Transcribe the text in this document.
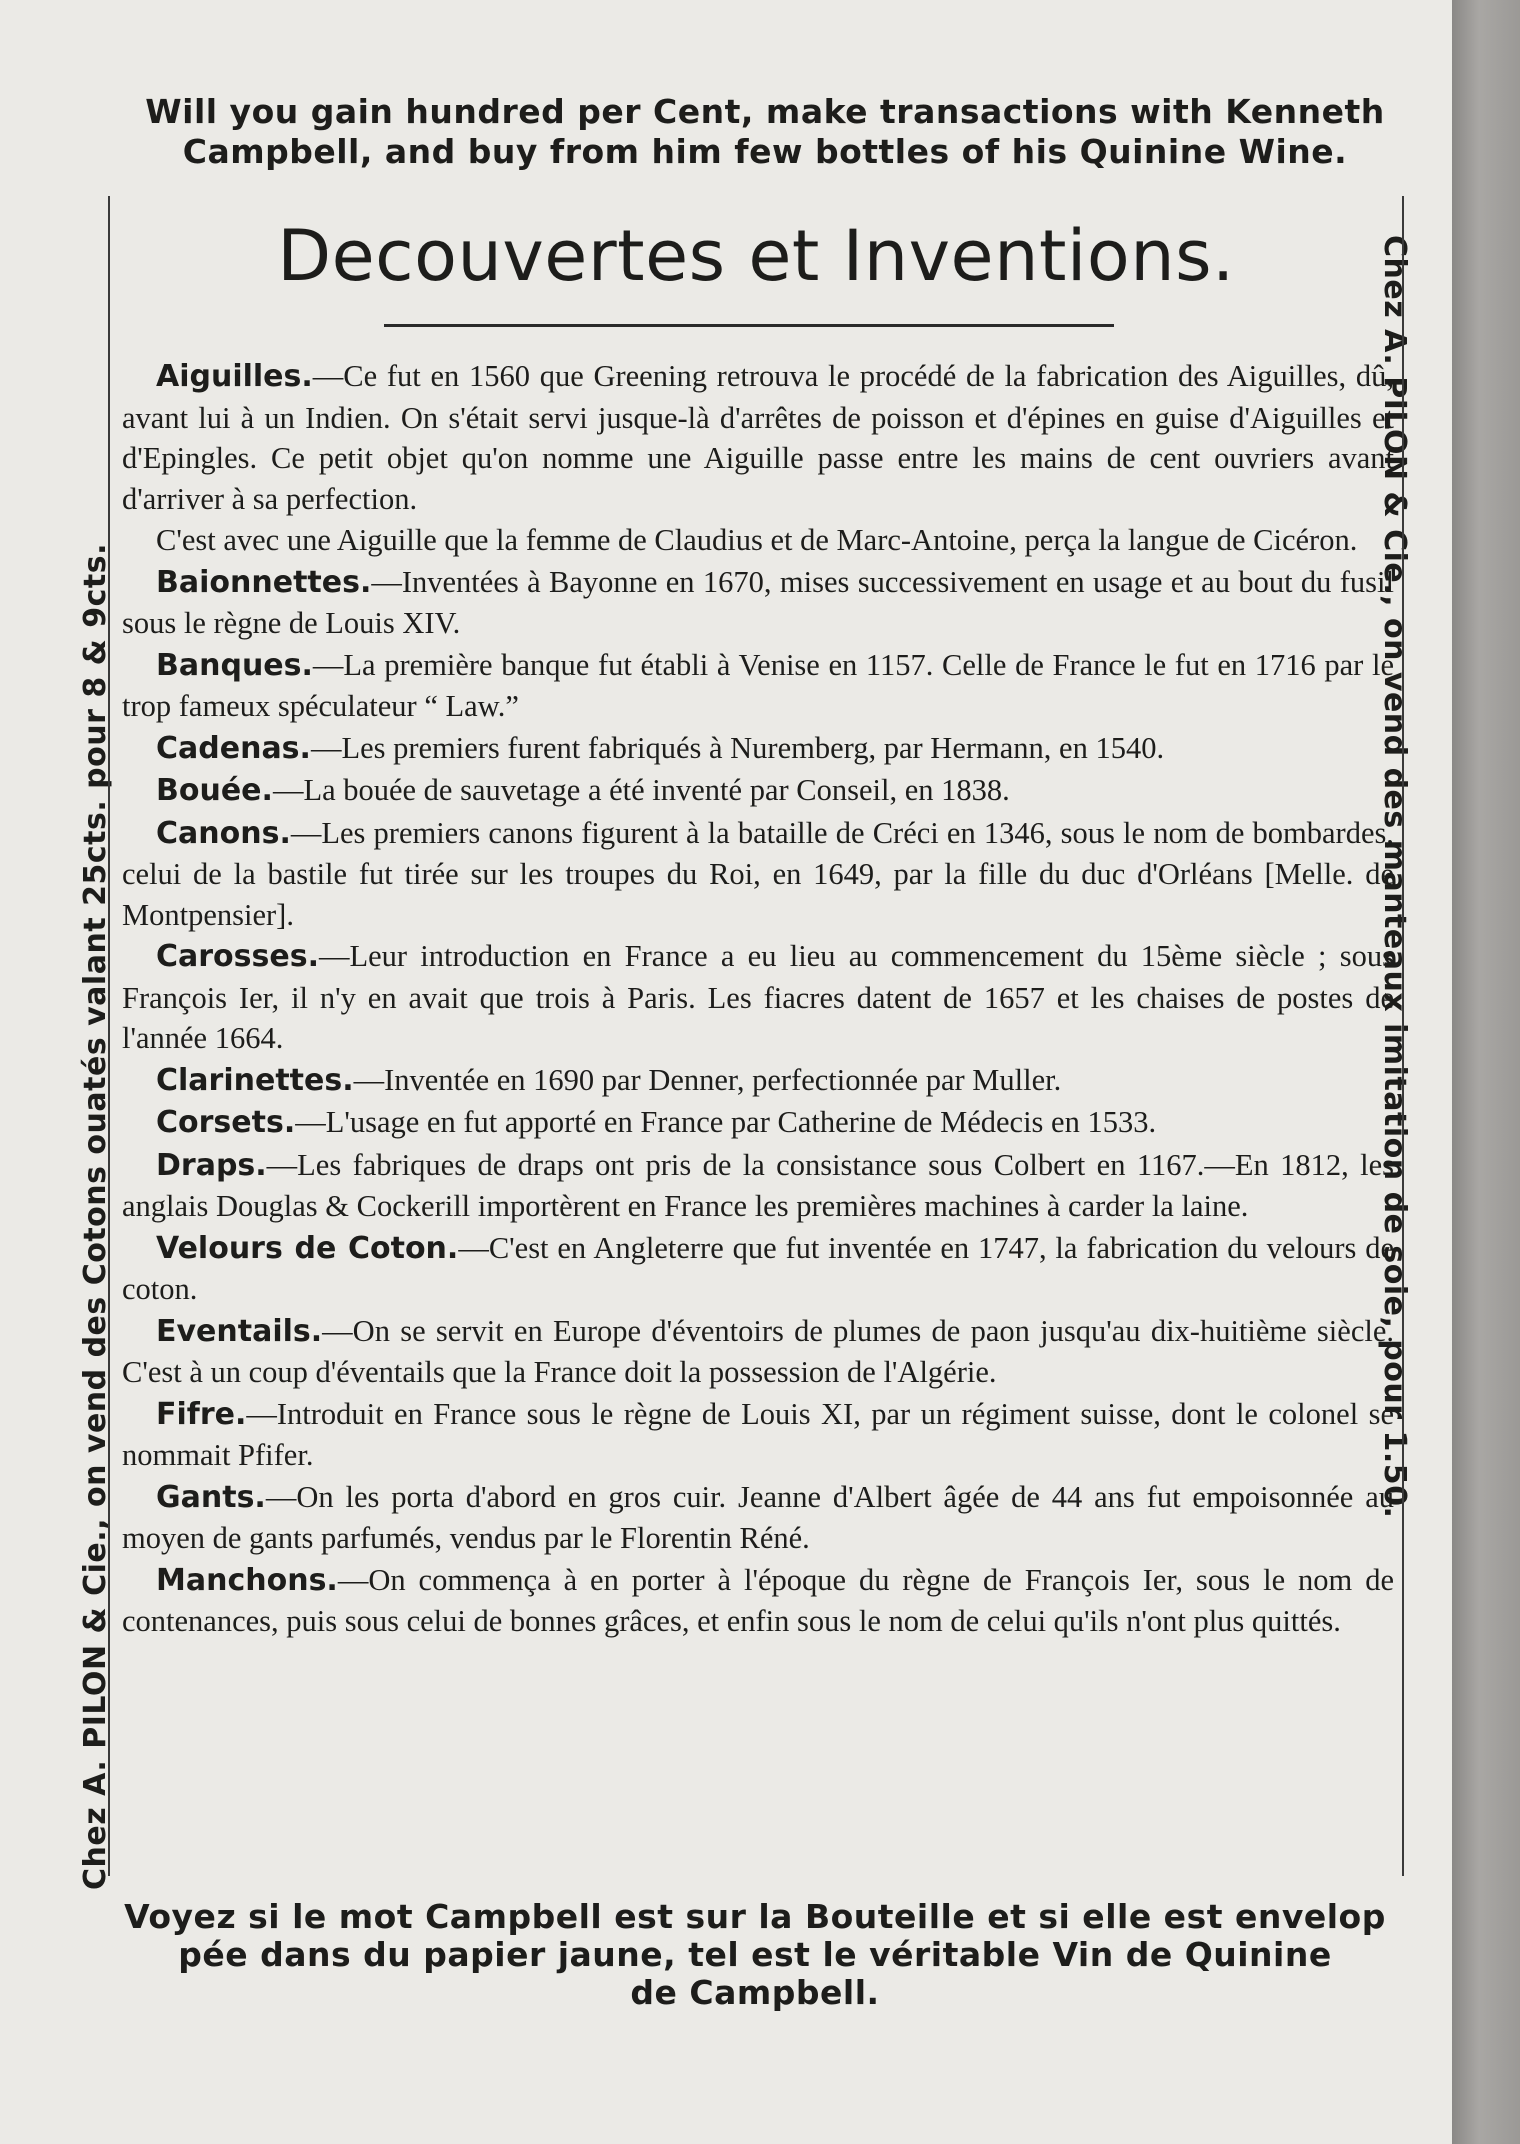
Will you gain hundred per Cent, make transactions with Kenneth
Campbell, and buy from him few bottles of his Quinine Wine.
Chez A. PILON & Cie., on vend des Cotons ouatés valant 25cts. pour 8 & 9cts.	Chez A. PILON & Cie., on vend des manteaux imitation de soie, pour 1.50.
Decouvertes et Inventions.

Aiguilles.—Ce fut en 1560 que Greening retrouva le procédé de la fabrication des Aiguilles, dû, avant lui à un Indien. On s'était servi jusque-là d'arrêtes de poisson et d'épines en guise d'Aiguilles et d'Epingles. Ce petit objet qu'on nomme une Aiguille passe entre les mains de cent ouvriers avant d'arriver à sa perfection.

C'est avec une Aiguille que la femme de Claudius et de Marc-Antoine, perça la langue de Cicéron.

Baionnettes.—Inventées à Bayonne en 1670, mises successivement en usage et au bout du fusil sous le règne de Louis XIV.

Banques.—La première banque fut établi à Venise en 1157. Celle de France le fut en 1716 par le trop fameux spéculateur “ Law.”

Cadenas.—Les premiers furent fabriqués à Nuremberg, par Hermann, en 1540.

Bouée.—La bouée de sauvetage a été inventé par Conseil, en 1838.

Canons.—Les premiers canons figurent à la bataille de Créci en 1346, sous le nom de bombardes, celui de la bastile fut tirée sur les troupes du Roi, en 1649, par la fille du duc d'Orléans [Melle. de Montpensier].

Carosses.—Leur introduction en France a eu lieu au commencement du 15ème siècle ; sous François Ier, il n'y en avait que trois à Paris. Les fiacres datent de 1657 et les chaises de postes de l'année 1664.

Clarinettes.—Inventée en 1690 par Denner, perfectionnée par Muller.

Corsets.—L'usage en fut apporté en France par Catherine de Médecis en 1533.

Draps.—Les fabriques de draps ont pris de la consistance sous Colbert en 1167.—En 1812, les anglais Douglas & Cockerill importèrent en France les premières machines à carder la laine.

Velours de Coton.—C'est en Angleterre que fut inventée en 1747, la fabrication du velours de coton.

Eventails.—On se servit en Europe d'éventoirs de plumes de paon jusqu'au dix-huitième siècle. C'est à un coup d'éventails que la France doit la possession de l'Algérie.

Fifre.—Introduit en France sous le règne de Louis XI, par un régiment suisse, dont le colonel se nommait Pfifer.

Gants.—On les porta d'abord en gros cuir. Jeanne d'Albert âgée de 44 ans fut empoisonnée au moyen de gants parfumés, vendus par le Florentin Réné.

Manchons.—On commença à en porter à l'époque du règne de François Ier, sous le nom de contenances, puis sous celui de bonnes grâces, et enfin sous le nom de celui qu'ils n'ont plus quittés.

Voyez si le mot Campbell est sur la Bouteille et si elle est envelop
pée dans du papier jaune, tel est le véritable Vin de Quinine
de Campbell.
